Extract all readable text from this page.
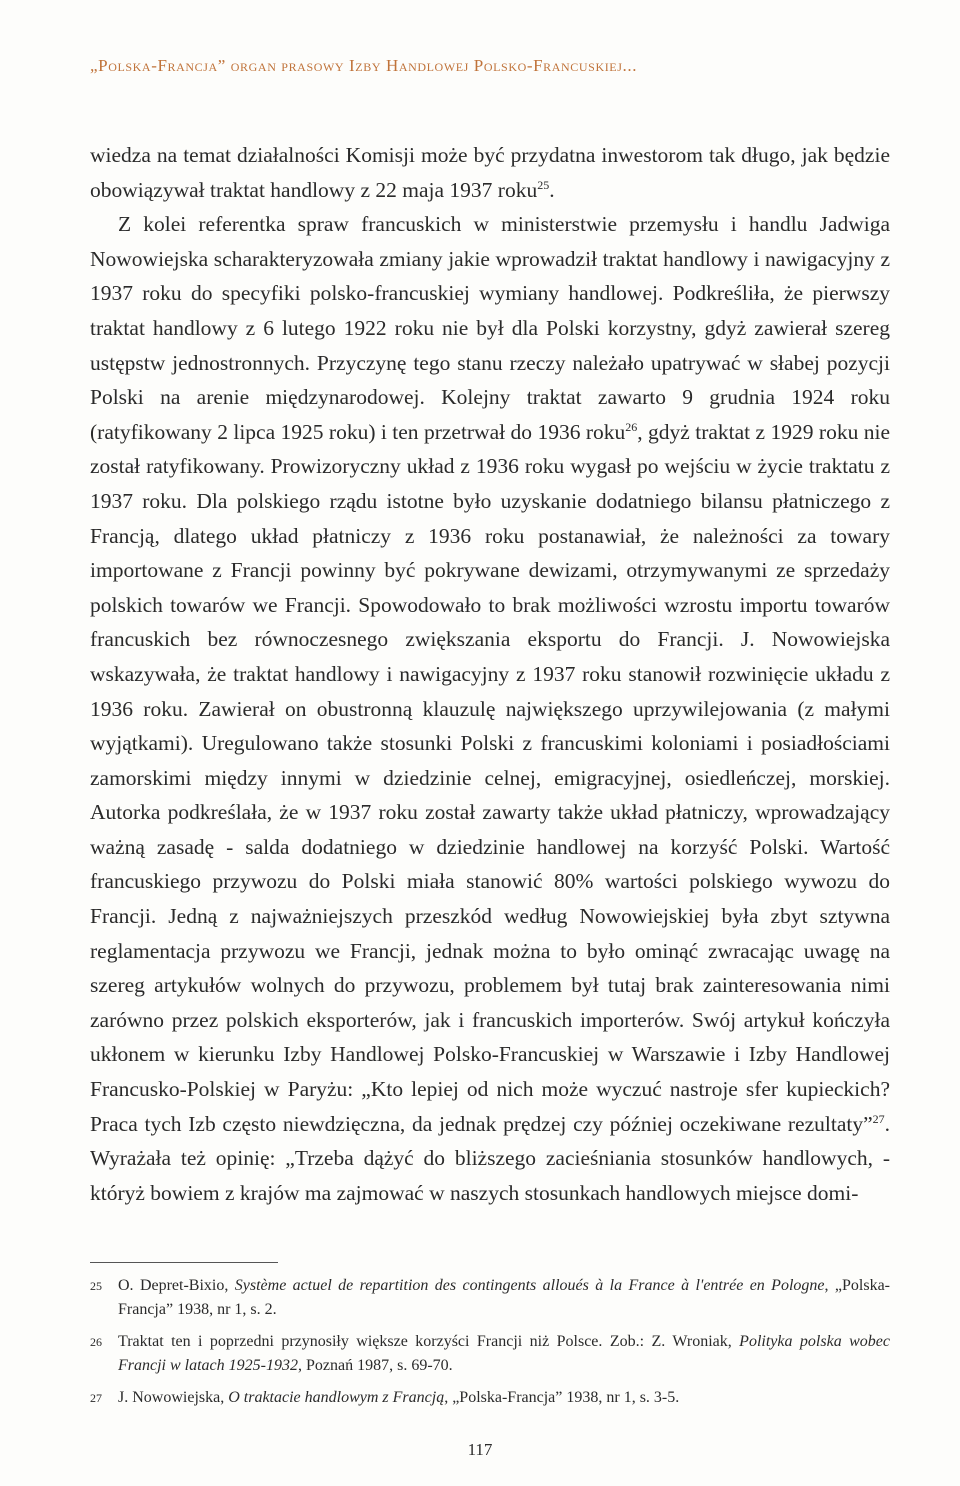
„Polska-Francja” organ prasowy Izby Handlowej Polsko-Francuskiej...

wiedza na temat działalności Komisji może być przydatna inwestorom tak długo, jak będzie obowiązywał traktat handlowy z 22 maja 1937 roku$^{25}$.

Z kolei referentka spraw francuskich w ministerstwie przemysłu i handlu Jadwiga Nowowiejska scharakteryzowała zmiany jakie wprowadził traktat handlowy i nawigacyjny z 1937 roku do specyfiki polsko-francuskiej wymiany handlowej. Podkreśliła, że pierwszy traktat handlowy z 6 lutego 1922 roku nie był dla Polski korzystny, gdyż zawierał szereg ustępstw jednostronnych. Przyczynę tego stanu rzeczy należało upatrywać w słabej pozycji Polski na arenie międzynarodowej. Kolejny traktat zawarto 9 grudnia 1924 roku (ratyfikowany 2 lipca 1925 roku) i ten przetrwał do 1936 roku$^{26}$, gdyż traktat z 1929 roku nie został ratyfikowany. Prowizoryczny układ z 1936 roku wygasł po wejściu w życie traktatu z 1937 roku. Dla polskiego rządu istotne było uzyskanie dodatniego bilansu płatniczego z Francją, dlatego układ płatniczy z 1936 roku postanawiał, że należności za towary importowane z Francji powinny być pokrywane dewizami, otrzymywanymi ze sprzedaży polskich towarów we Francji. Spowodowało to brak możliwości wzrostu importu towarów francuskich bez równoczesnego zwiększania eksportu do Francji. J. Nowowiejska wskazywała, że traktat handlowy i nawigacyjny z 1937 roku stanowił rozwinięcie układu z 1936 roku. Zawierał on obustronną klauzulę największego uprzywilejowania (z małymi wyjątkami). Uregulowano także stosunki Polski z francuskimi koloniami i posiadłościami zamorskimi między innymi w dziedzinie celnej, emigracyjnej, osiedleńczej, morskiej. Autorka podkreślała, że w 1937 roku został zawarty także układ płatniczy, wprowadzający ważną zasadę - salda dodatniego w dziedzinie handlowej na korzyść Polski. Wartość francuskiego przywozu do Polski miała stanowić 80% wartości polskiego wywozu do Francji. Jedną z najważniejszych przeszkód według Nowowiejskiej była zbyt sztywna reglamentacja przywozu we Francji, jednak można to było ominąć zwracając uwagę na szereg artykułów wolnych do przywozu, problemem był tutaj brak zainteresowania nimi zarówno przez polskich eksporterów, jak i francuskich importerów. Swój artykuł kończyła ukłonem w kierunku Izby Handlowej Polsko-Francuskiej w Warszawie i Izby Handlowej Francusko-Polskiej w Paryżu: „Kto lepiej od nich może wyczuć nastroje sfer kupieckich? Praca tych Izb często niewdzięczna, da jednak prędzej czy później oczekiwane rezultaty”$^{27}$. Wyrażała też opinię: „Trzeba dążyć do bliższego zacieśniania stosunków handlowych, - któryż bowiem z krajów ma zajmować w naszych stosunkach handlowych miejsce domi-

25	O. Depret-Bixio, Système actuel de repartition des contingents alloués à la France à l'entrée en Pologne, „Polska-Francja” 1938, nr 1, s. 2.
26	Traktat ten i poprzedni przynosiły większe korzyści Francji niż Polsce. Zob.: Z. Wroniak, Polityka polska wobec Francji w latach 1925-1932, Poznań 1987, s. 69-70.
27	J. Nowowiejska, O traktacie handlowym z Francją, „Polska-Francja” 1938, nr 1, s. 3-5.
117
